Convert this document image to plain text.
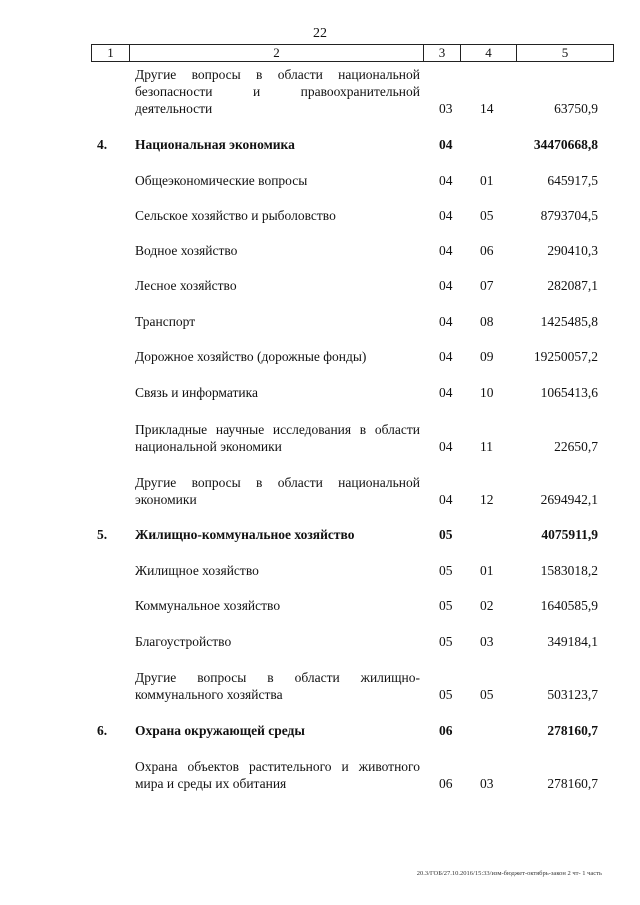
22
1	2	3	4	5
Другие вопросы в области национальной безопасности и правоохранительной деятельности	03 14	63750,9
4. Национальная экономика	04	34470668,8
Общеэкономические вопросы	04 01	645917,5
Сельское хозяйство и рыболовство	04 05	8793704,5
Водное хозяйство	04 06	290410,3
Лесное хозяйство	04 07	282087,1
Транспорт	04 08	1425485,8
Дорожное хозяйство (дорожные фонды)	04 09	19250057,2
Связь и информатика	04 10	1065413,6
Прикладные научные исследования в области национальной экономики	04 11	22650,7
Другие вопросы в области национальной экономики	04 12	2694942,1
5. Жилищно-коммунальное хозяйство	05	4075911,9
Жилищное хозяйство	05 01	1583018,2
Коммунальное хозяйство	05 02	1640585,9
Благоустройство	05 03	349184,1
Другие вопросы в области жилищно-коммунального хозяйства	05 05	503123,7
6. Охрана окружающей среды	06	278160,7
Охрана объектов растительного и животного мира и среды их обитания	06 03	278160,7
20.3/ГОБ/27.10.2016/15:33/изм-бюджет-октябрь-закон 2 чт- 1 часть
